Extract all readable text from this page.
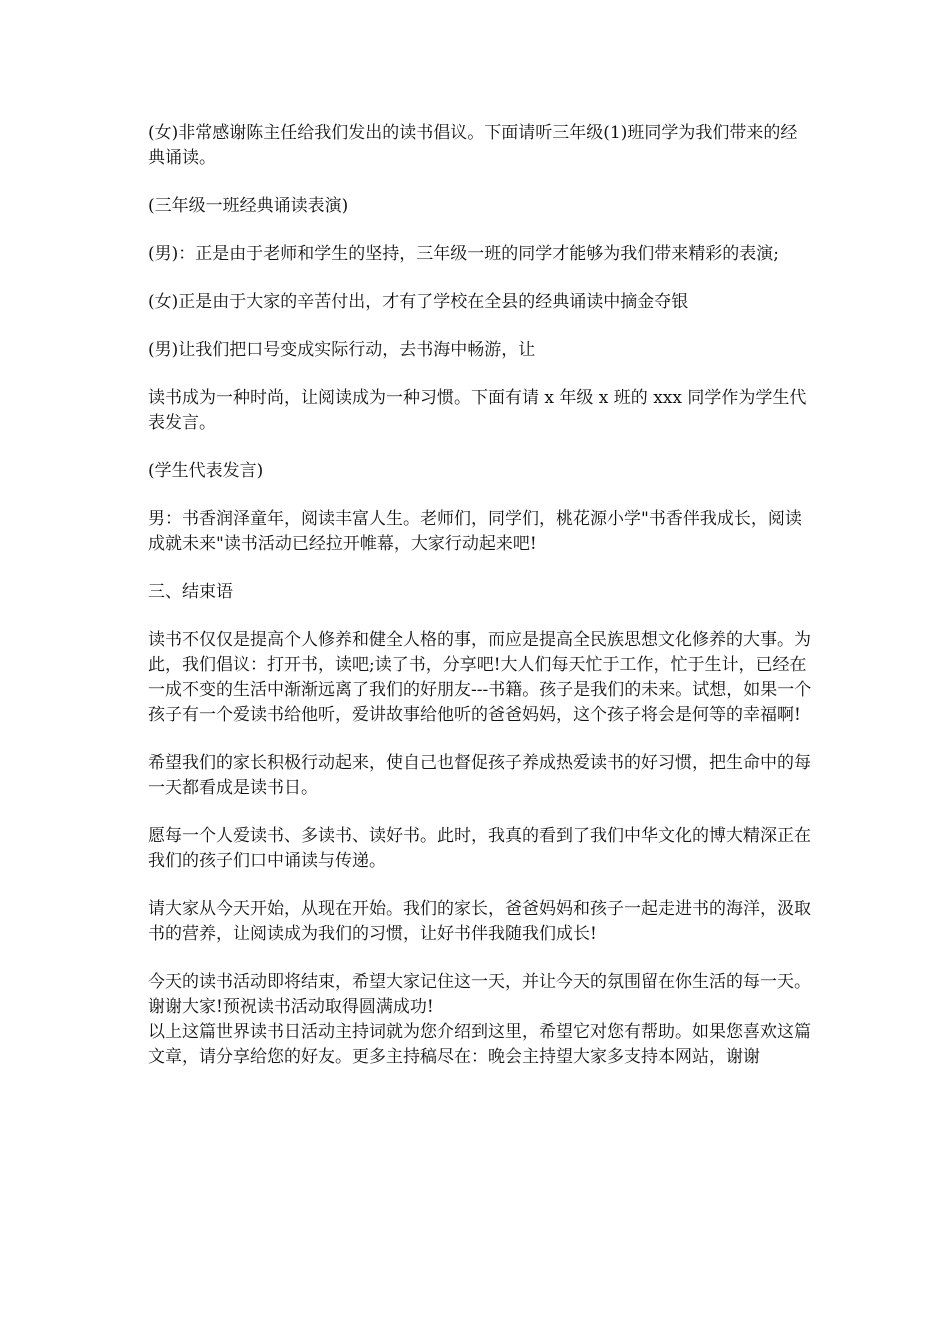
(女)非常感谢陈主任给我们发出的读书倡议。下面请听三年级(1)班同学为我们带来的经典诵读。

(三年级一班经典诵读表演)

(男)：正是由于老师和学生的坚持，三年级一班的同学才能够为我们带来精彩的表演;

(女)正是由于大家的辛苦付出，才有了学校在全县的经典诵读中摘金夺银

(男)让我们把口号变成实际行动，去书海中畅游，让

读书成为一种时尚，让阅读成为一种习惯。下面有请 x 年级 x 班的 xxx 同学作为学生代表发言。

(学生代表发言)

男：书香润泽童年，阅读丰富人生。老师们，同学们，桃花源小学"书香伴我成长，阅读成就未来"读书活动已经拉开帷幕，大家行动起来吧!

三、结束语

读书不仅仅是提高个人修养和健全人格的事，而应是提高全民族思想文化修养的大事。为此，我们倡议：打开书，读吧;读了书，分享吧!大人们每天忙于工作，忙于生计，已经在一成不变的生活中渐渐远离了我们的好朋友---书籍。孩子是我们的未来。试想，如果一个孩子有一个爱读书给他听，爱讲故事给他听的爸爸妈妈，这个孩子将会是何等的幸福啊!

希望我们的家长积极行动起来，使自己也督促孩子养成热爱读书的好习惯，把生命中的每一天都看成是读书日。

愿每一个人爱读书、多读书、读好书。此时，我真的看到了我们中华文化的博大精深正在我们的孩子们口中诵读与传递。

请大家从今天开始，从现在开始。我们的家长，爸爸妈妈和孩子一起走进书的海洋，汲取书的营养，让阅读成为我们的习惯，让好书伴我随我们成长!

今天的读书活动即将结束，希望大家记住这一天，并让今天的氛围留在你生活的每一天。谢谢大家!预祝读书活动取得圆满成功!

以上这篇世界读书日活动主持词就为您介绍到这里，希望它对您有帮助。如果您喜欢这篇文章，请分享给您的好友。更多主持稿尽在：晚会主持望大家多支持本网站，谢谢
